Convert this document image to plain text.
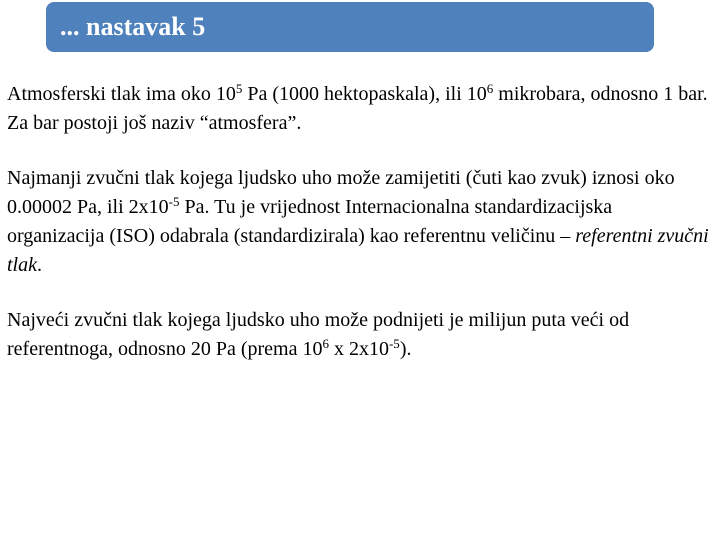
... nastavak 5

Atmosferski tlak ima oko $10^5$ Pa (1000 hektopaskala), ili $10^6$ mikrobara, odnosno 1 bar. Za bar postoji još naziv “atmosfera”.

Najmanji zvučni tlak kojega ljudsko uho može zamijetiti (čuti kao zvuk) iznosi oko 0.00002 Pa, ili $2x10^{-5}$ Pa. Tu je vrijednost Internacionalna standardizacijska organizacija (ISO) odabrala (standardizirala) kao referentnu veličinu – referentni zvučni tlak.

Najveći zvučni tlak kojega ljudsko uho može podnijeti je milijun puta veći od referentnoga, odnosno 20 Pa (prema $10^6$ x $2x10^{-5}$).
